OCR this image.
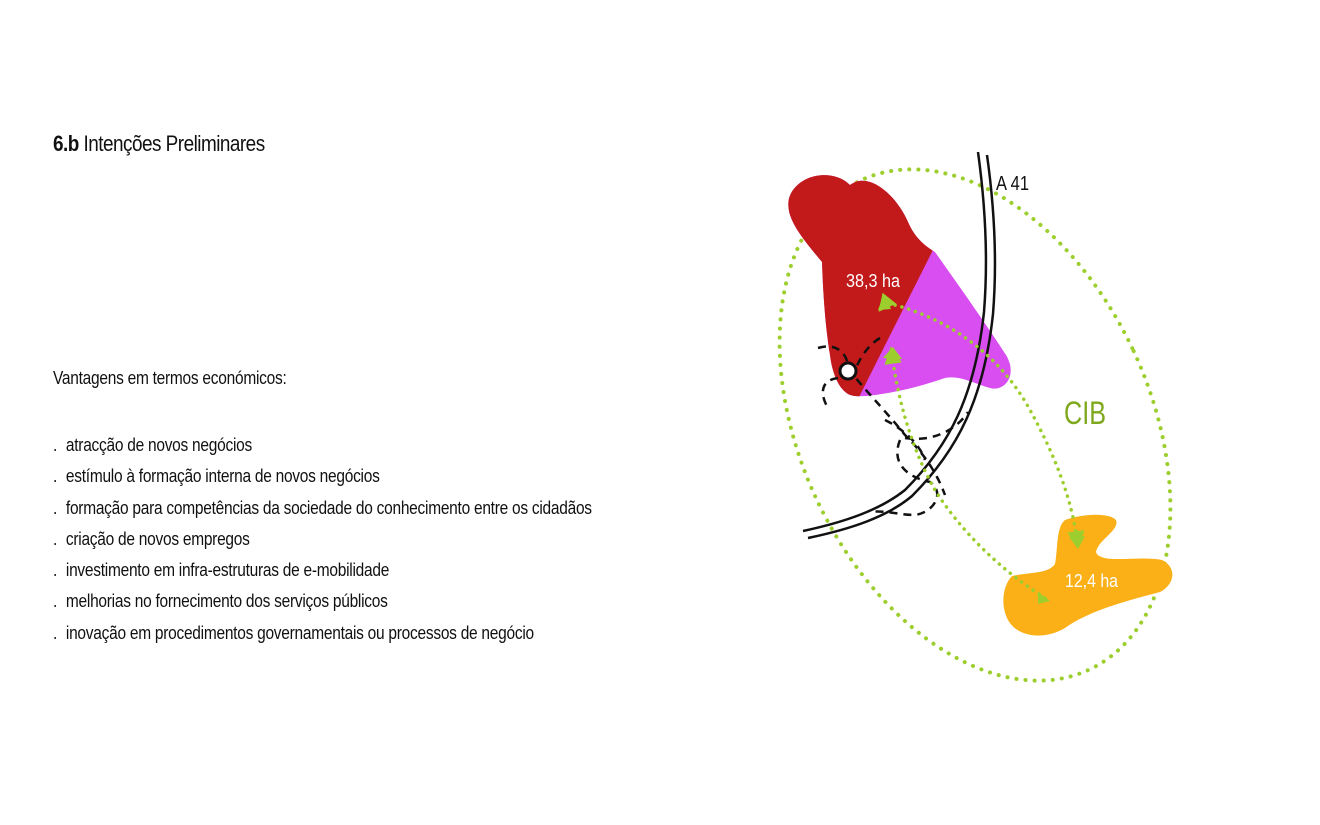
6.b Intenções Preliminares
Vantagens em termos económicos:
. atracção de novos negócios
. estímulo à formação interna de novos negócios
. formação para competências da sociedade do conhecimento entre os cidadãos
. criação de novos empregos
. investimento em infra-estruturas de e-mobilidade
. melhorias no fornecimento dos serviços públicos
. inovação em procedimentos governamentais ou processos de negócio
38,3 ha
12,4 ha
A 41
CIB
